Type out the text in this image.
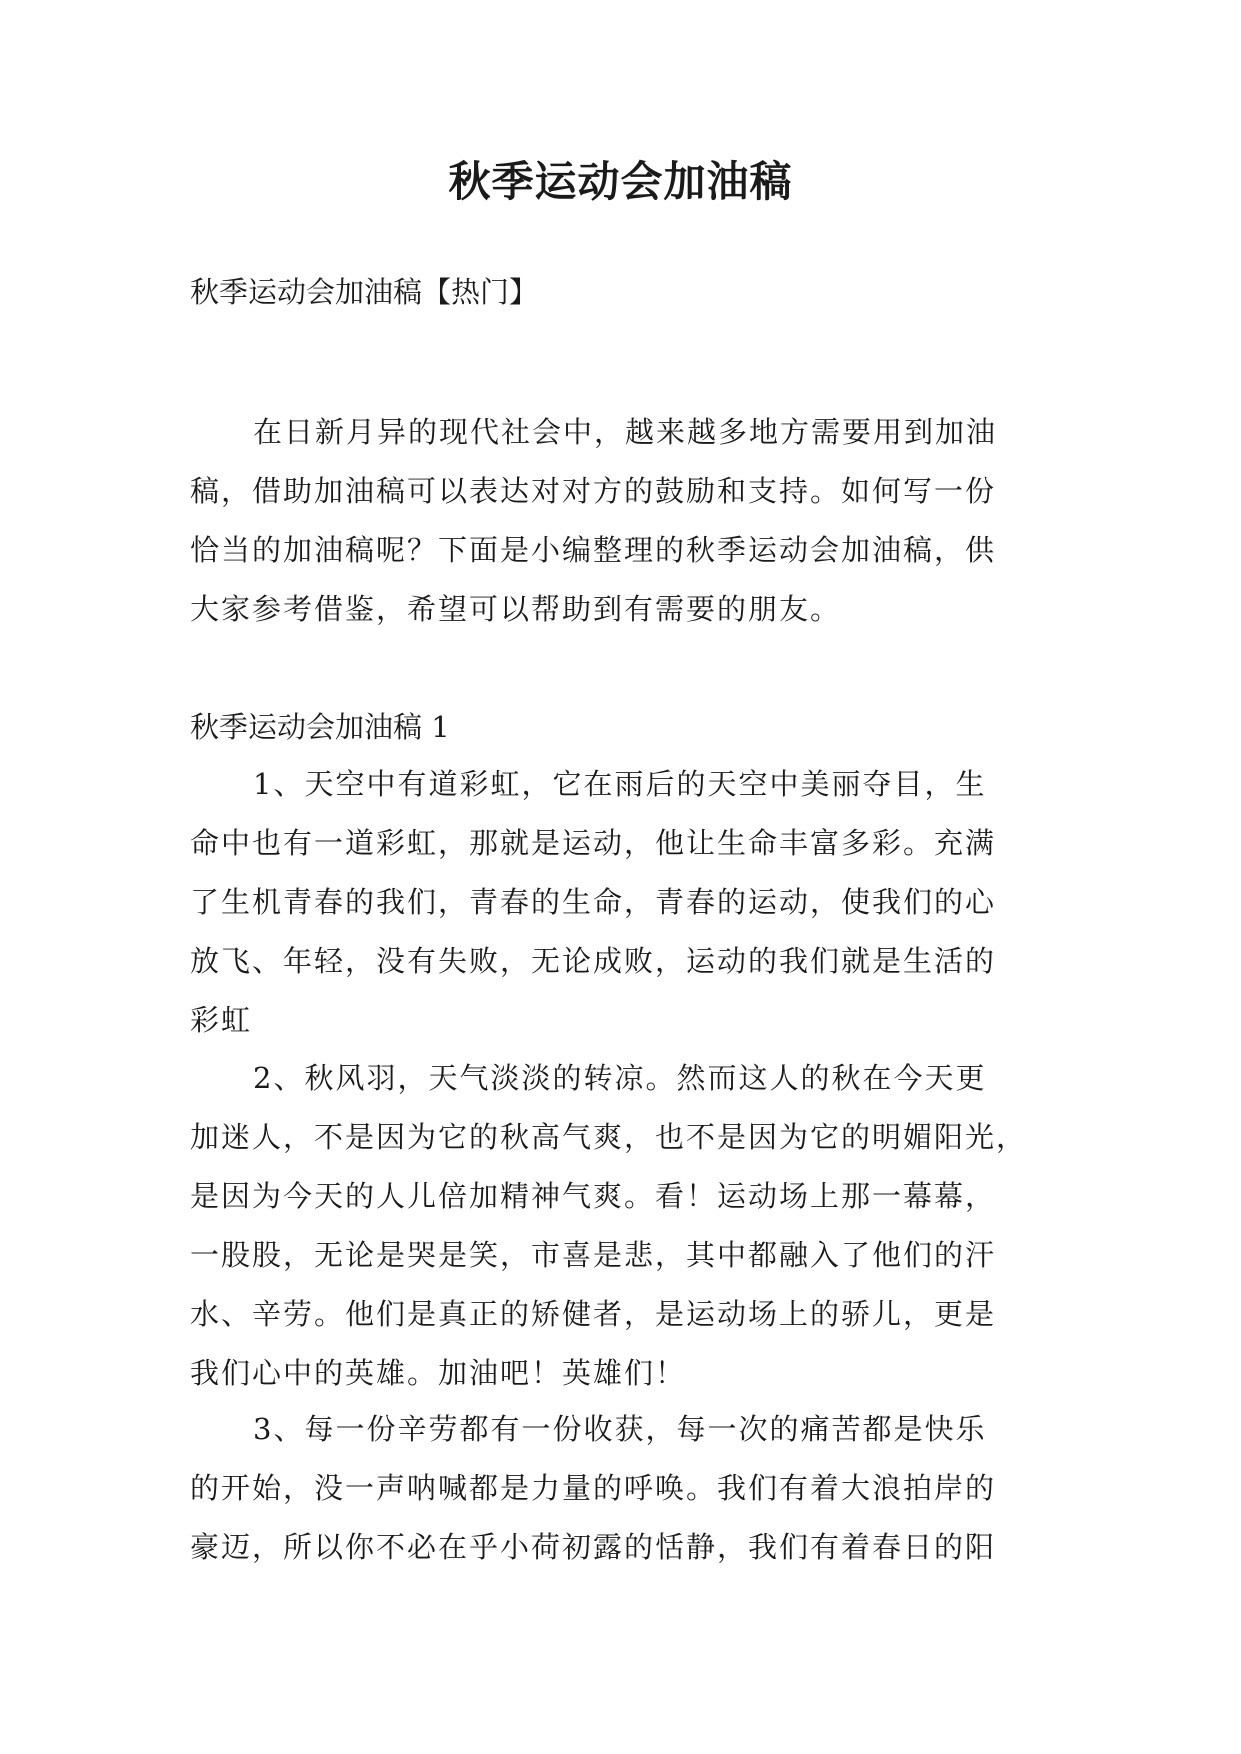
秋季运动会加油稿

秋季运动会加油稿【热门】

在日新月异的现代社会中，越来越多地方需要用到加油
稿，借助加油稿可以表达对对方的鼓励和支持。如何写一份
恰当的加油稿呢？下面是小编整理的秋季运动会加油稿，供
大家参考借鉴，希望可以帮助到有需要的朋友。

秋季运动会加油稿 1

1、天空中有道彩虹，它在雨后的天空中美丽夺目，生
命中也有一道彩虹，那就是运动，他让生命丰富多彩。充满
了生机青春的我们，青春的生命，青春的运动，使我们的心
放飞、年轻，没有失败，无论成败，运动的我们就是生活的
彩虹
2、秋风羽，天气淡淡的转凉。然而这人的秋在今天更
加迷人，不是因为它的秋高气爽，也不是因为它的明媚阳光，
是因为今天的人儿倍加精神气爽。看！运动场上那一幕幕，
一股股，无论是哭是笑，市喜是悲，其中都融入了他们的汗
水、辛劳。他们是真正的矫健者，是运动场上的骄儿，更是
我们心中的英雄。加油吧！英雄们！
3、每一份辛劳都有一份收获，每一次的痛苦都是快乐
的开始，没一声呐喊都是力量的呼唤。我们有着大浪拍岸的
豪迈，所以你不必在乎小荷初露的恬静，我们有着春日的阳
